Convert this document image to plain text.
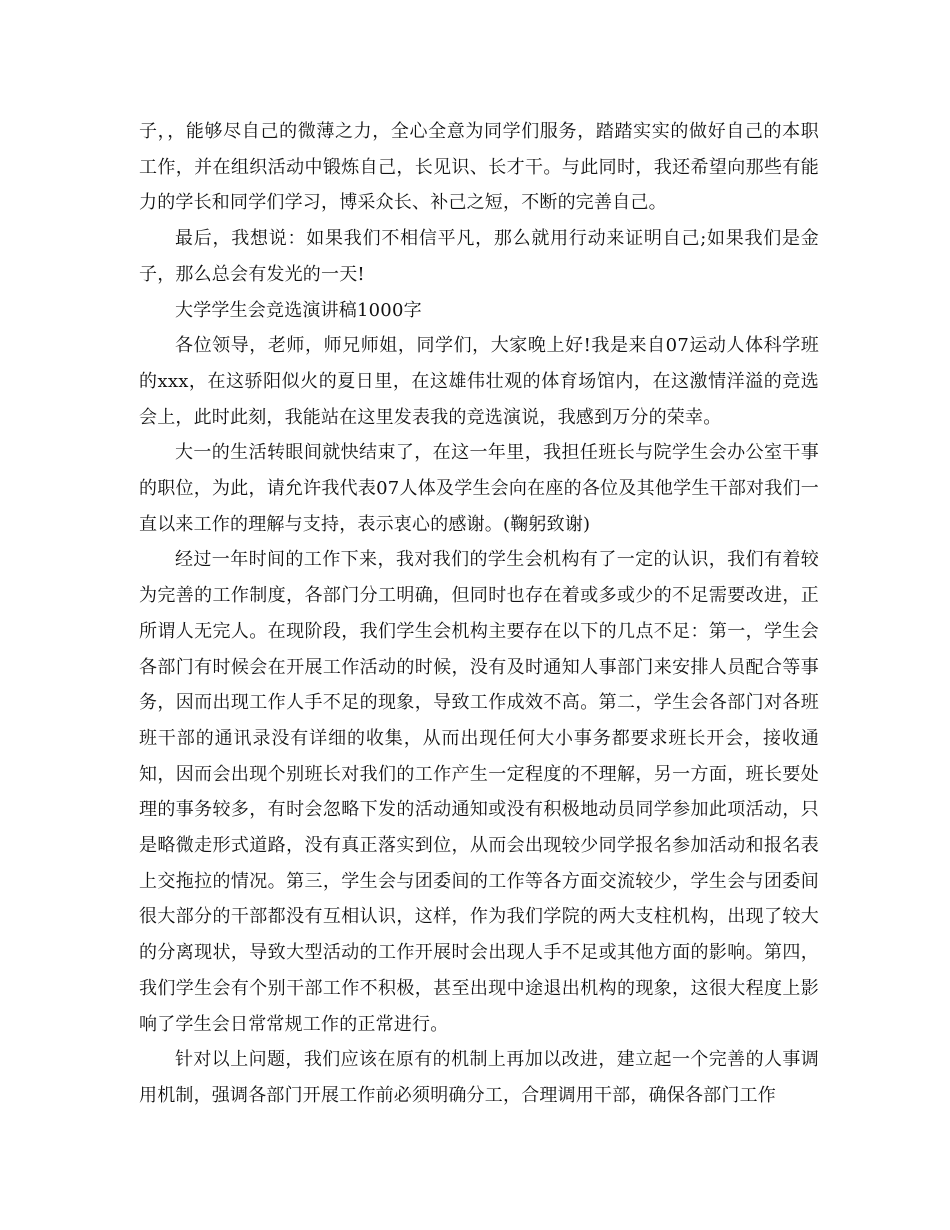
子，，能够尽自己的微薄之力，全心全意为同学们服务，踏踏实实的做好自己的本职工作，并在组织活动中锻炼自己，长见识、长才干。与此同时，我还希望向那些有能力的学长和同学们学习，博采众长、补己之短，不断的完善自己。

最后，我想说：如果我们不相信平凡，那么就用行动来证明自己;如果我们是金子，那么总会有发光的一天!

大学学生会竞选演讲稿1000字

各位领导，老师，师兄师姐，同学们，大家晚上好!我是来自07运动人体科学班的xxx，在这骄阳似火的夏日里，在这雄伟壮观的体育场馆内，在这激情洋溢的竞选会上，此时此刻，我能站在这里发表我的竞选演说，我感到万分的荣幸。

大一的生活转眼间就快结束了，在这一年里，我担任班长与院学生会办公室干事的职位，为此，请允许我代表07人体及学生会向在座的各位及其他学生干部对我们一直以来工作的理解与支持，表示衷心的感谢。(鞠躬致谢)

经过一年时间的工作下来，我对我们的学生会机构有了一定的认识，我们有着较为完善的工作制度，各部门分工明确，但同时也存在着或多或少的不足需要改进，正所谓人无完人。在现阶段，我们学生会机构主要存在以下的几点不足：第一，学生会各部门有时候会在开展工作活动的时候，没有及时通知人事部门来安排人员配合等事务，因而出现工作人手不足的现象，导致工作成效不高。第二，学生会各部门对各班班干部的通讯录没有详细的收集，从而出现任何大小事务都要求班长开会，接收通知，因而会出现个别班长对我们的工作产生一定程度的不理解，另一方面，班长要处理的事务较多，有时会忽略下发的活动通知或没有积极地动员同学参加此项活动，只是略微走形式道路，没有真正落实到位，从而会出现较少同学报名参加活动和报名表上交拖拉的情况。第三，学生会与团委间的工作等各方面交流较少，学生会与团委间很大部分的干部都没有互相认识，这样，作为我们学院的两大支柱机构，出现了较大的分离现状，导致大型活动的工作开展时会出现人手不足或其他方面的影响。第四，我们学生会有个别干部工作不积极，甚至出现中途退出机构的现象，这很大程度上影响了学生会日常常规工作的正常进行。

针对以上问题，我们应该在原有的机制上再加以改进，建立起一个完善的人事调用机制，强调各部门开展工作前必须明确分工，合理调用干部，确保各部门工作
